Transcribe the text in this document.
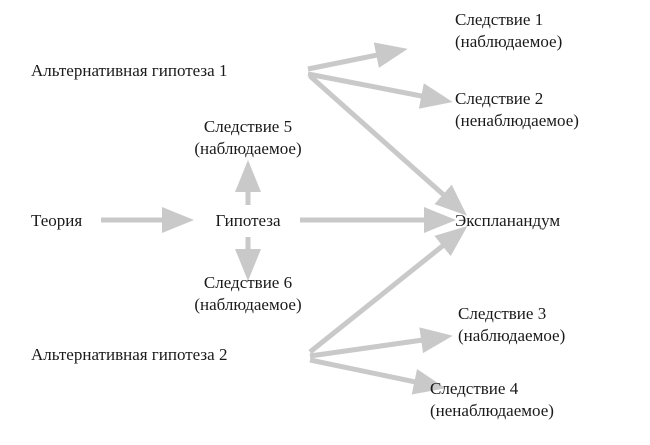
Альтернативная гипотеза 1
Следствие 5
(наблюдаемое)
Теория	Гипотеза
Следствие 6
(наблюдаемое)
Альтернативная гипотеза 2
Следствие 1
(наблюдаемое)
Следствие 2
(ненаблюдаемое)
Экспланандум
Следствие 3
(наблюдаемое)
Следствие 4
(ненаблюдаемое)
